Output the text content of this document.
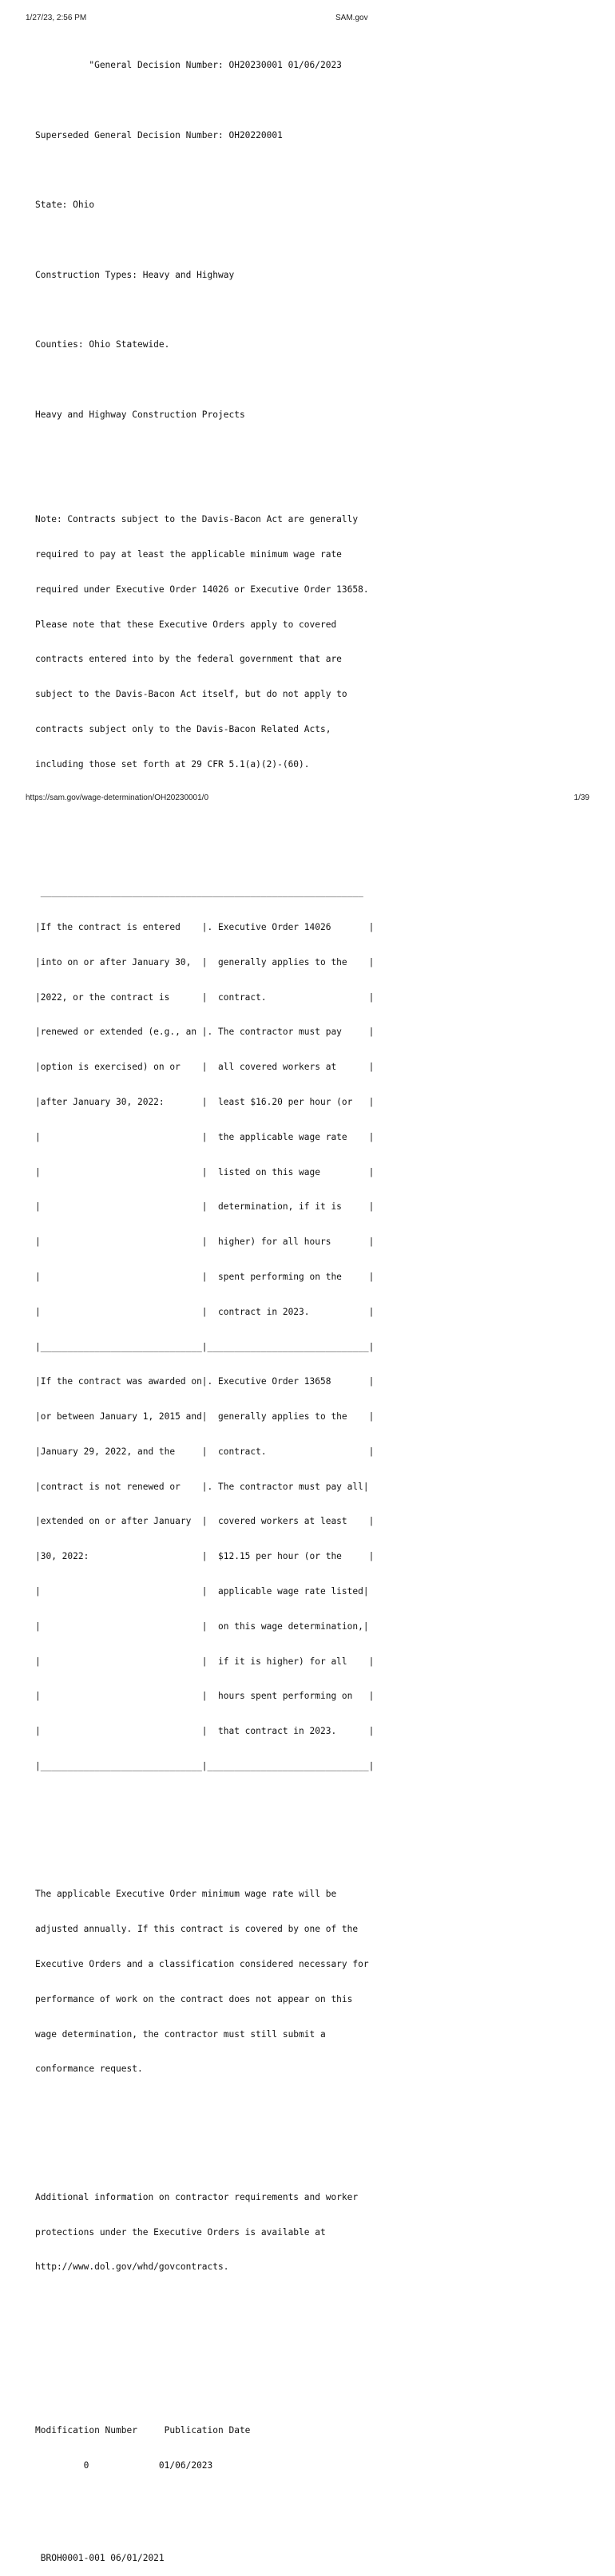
1/27/23, 2:56 PM	SAM.gov

"General Decision Number: OH20230001 01/06/2023

Superseded General Decision Number: OH20220001

State: Ohio

Construction Types: Heavy and Highway

Counties: Ohio Statewide.

Heavy and Highway Construction Projects

Note: Contracts subject to the Davis-Bacon Act are generally

required to pay at least the applicable minimum wage rate

required under Executive Order 14026 or Executive Order 13658.

Please note that these Executive Orders apply to covered

contracts entered into by the federal government that are

subject to the Davis-Bacon Act itself, but do not apply to

contracts subject only to the Davis-Bacon Related Acts,

including those set forth at 29 CFR 5.1(a)(2)-(60).

____________________________________________________________

|If the contract is entered    |. Executive Order 14026       |

|into on or after January 30,  |  generally applies to the    |

|2022, or the contract is      |  contract.                   |

|renewed or extended (e.g., an |. The contractor must pay     |

|option is exercised) on or    |  all covered workers at      |

|after January 30, 2022:       |  least $16.20 per hour (or   |

|                              |  the applicable wage rate    |

|                              |  listed on this wage         |

|                              |  determination, if it is     |

|                              |  higher) for all hours       |

|                              |  spent performing on the     |

|                              |  contract in 2023.           |

|______________________________|______________________________|

|If the contract was awarded on|. Executive Order 13658       |

|or between January 1, 2015 and|  generally applies to the    |

|January 29, 2022, and the     |  contract.                   |

|contract is not renewed or    |. The contractor must pay all|

|extended on or after January  |  covered workers at least    |

|30, 2022:                     |  $12.15 per hour (or the     |

|                              |  applicable wage rate listed|

|                              |  on this wage determination,|

|                              |  if it is higher) for all    |

|                              |  hours spent performing on   |

|                              |  that contract in 2023.      |

|______________________________|______________________________|

The applicable Executive Order minimum wage rate will be

adjusted annually. If this contract is covered by one of the

Executive Orders and a classification considered necessary for

performance of work on the contract does not appear on this

wage determination, the contractor must still submit a

conformance request.

Additional information on contractor requirements and worker

protections under the Executive Orders is available at

http://www.dol.gov/whd/govcontracts.

Modification Number     Publication Date

0             01/06/2023

BROH0001-001 06/01/2021

https://sam.gov/wage-determination/OH20230001/0	1/39
